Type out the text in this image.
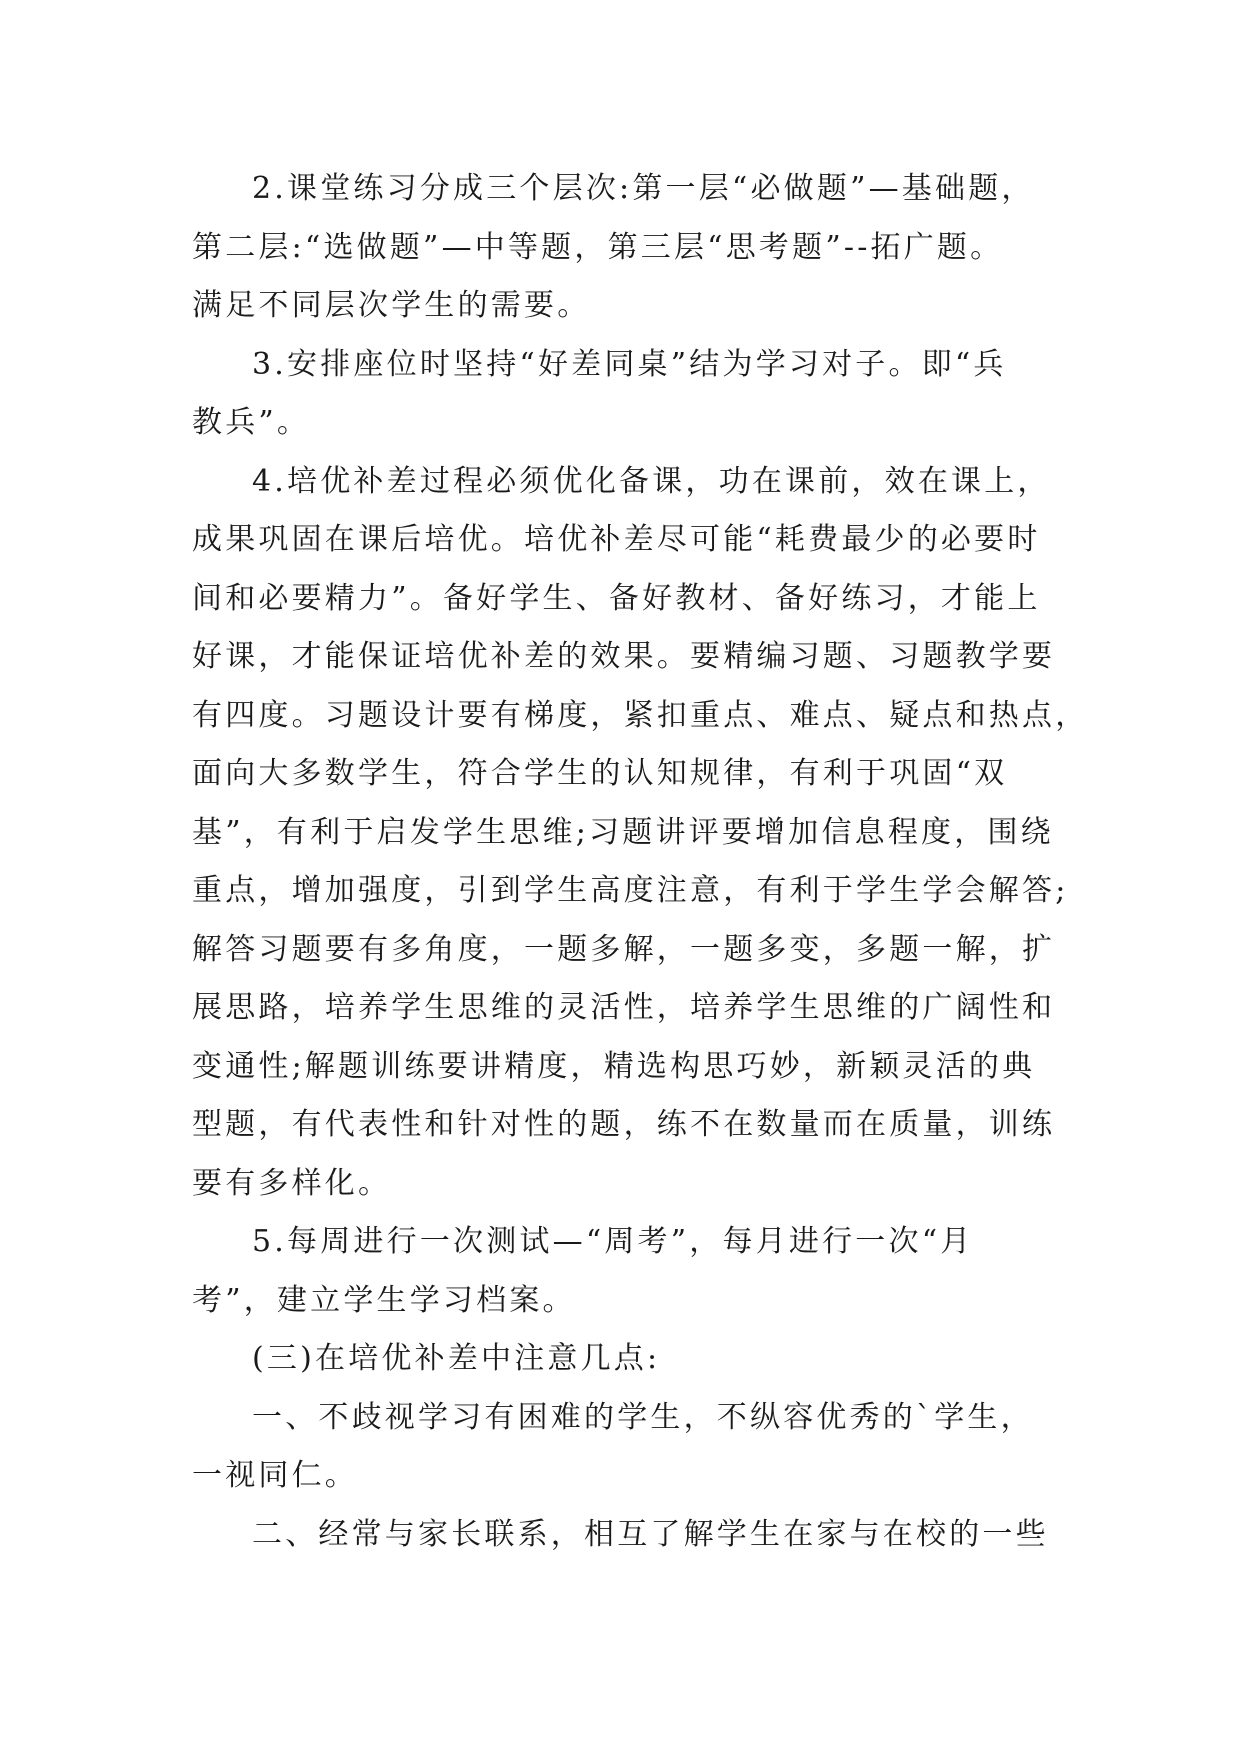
2.课堂练习分成三个层次:第一层“必做题”—基础题，
第二层:“选做题”—中等题，第三层“思考题”--拓广题。
满足不同层次学生的需要。
3.安排座位时坚持“好差同桌”结为学习对子。即“兵
教兵”。
4.培优补差过程必须优化备课，功在课前，效在课上，
成果巩固在课后培优。培优补差尽可能“耗费最少的必要时
间和必要精力”。备好学生、备好教材、备好练习，才能上
好课，才能保证培优补差的效果。要精编习题、习题教学要
有四度。习题设计要有梯度，紧扣重点、难点、疑点和热点，
面向大多数学生，符合学生的认知规律，有利于巩固“双
基”，有利于启发学生思维;习题讲评要增加信息程度，围绕
重点，增加强度，引到学生高度注意，有利于学生学会解答;
解答习题要有多角度，一题多解，一题多变，多题一解，扩
展思路，培养学生思维的灵活性，培养学生思维的广阔性和
变通性;解题训练要讲精度，精选构思巧妙，新颖灵活的典
型题，有代表性和针对性的题，练不在数量而在质量，训练
要有多样化。
5.每周进行一次测试—“周考”，每月进行一次“月
考”，建立学生学习档案。
(三)在培优补差中注意几点:
一、不歧视学习有困难的学生，不纵容优秀的`学生，
一视同仁。
二、经常与家长联系，相互了解学生在家与在校的一些
